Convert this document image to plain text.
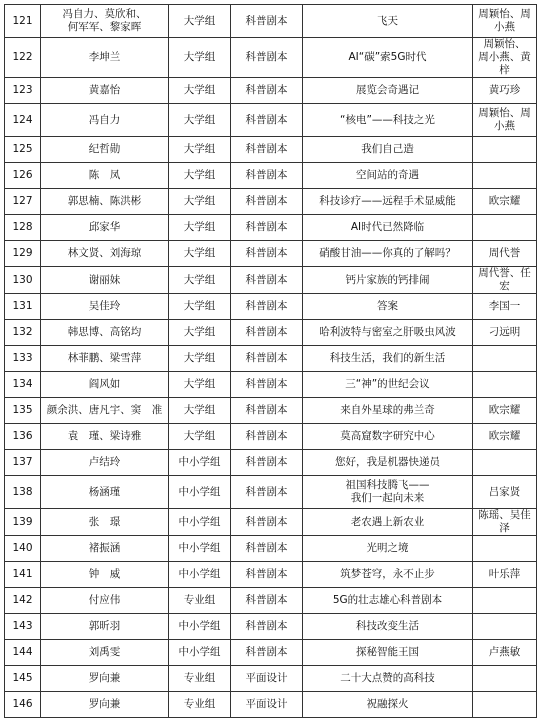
121	冯自力、莫欣和、
何军军、黎家晖	大学组	科普剧本	飞天	周颖怡、周
小燕
122	李坤兰	大学组	科普剧本	AI“碳”索5G时代	周颖怡、
周小燕、黄梓
123	黄嘉怡	大学组	科普剧本	展览会奇遇记	黄巧珍
124	冯自力	大学组	科普剧本	“核电”——科技之光	周颖怡、周
小燕
125	纪哲勋	大学组	科普剧本	我们自己造	
126	陈　凤	大学组	科普剧本	空间站的奇遇	
127	郭思楠、陈洪彬	大学组	科普剧本	科技诊疗——远程手术显威能	欧宗耀
128	邱家华	大学组	科普剧本	AI时代已然降临	
129	林文贤、刘海琼	大学组	科普剧本	硝酸甘油——你真的了解吗？	周代誉
130	谢丽妹	大学组	科普剧本	钙片家族的钙排闹	周代誉、任宏
131	吴佳玲	大学组	科普剧本	答案	李国一
132	韩思博、高铭均	大学组	科普剧本	哈利波特与密室之肝吸虫风波	刁远明
133	林菲鹏、梁雪萍	大学组	科普剧本	科技生活，我们的新生活	
134	阎风如	大学组	科普剧本	三“神”的世纪会议	
135	颜余洪、唐凡宇、窦　准	大学组	科普剧本	来自外星球的弗兰奇	欧宗耀
136	袁　瑾、梁诗雅	大学组	科普剧本	莫高窟数字研究中心	欧宗耀
137	卢结玲	中小学组	科普剧本	您好，我是机器快递员	
138	杨涵瑾	中小学组	科普剧本	祖国科技腾飞——
我们一起向未来	吕家贤
139	张　璟	中小学组	科普剧本	老农遇上新农业	陈瑶、吴佳泽
140	褚振涵	中小学组	科普剧本	光明之境	
141	钟　威	中小学组	科普剧本	筑梦苍穹，永不止步	叶乐萍
142	付应伟	专业组	科普剧本	5G的壮志雄心科普剧本	
143	郭昕羽	中小学组	科普剧本	科技改变生活	
144	刘禹雯	中小学组	科普剧本	探秘智能王国	卢燕敏
145	罗向兼	专业组	平面设计	二十大点赞的高科技	
146	罗向兼	专业组	平面设计	祝融探火	
